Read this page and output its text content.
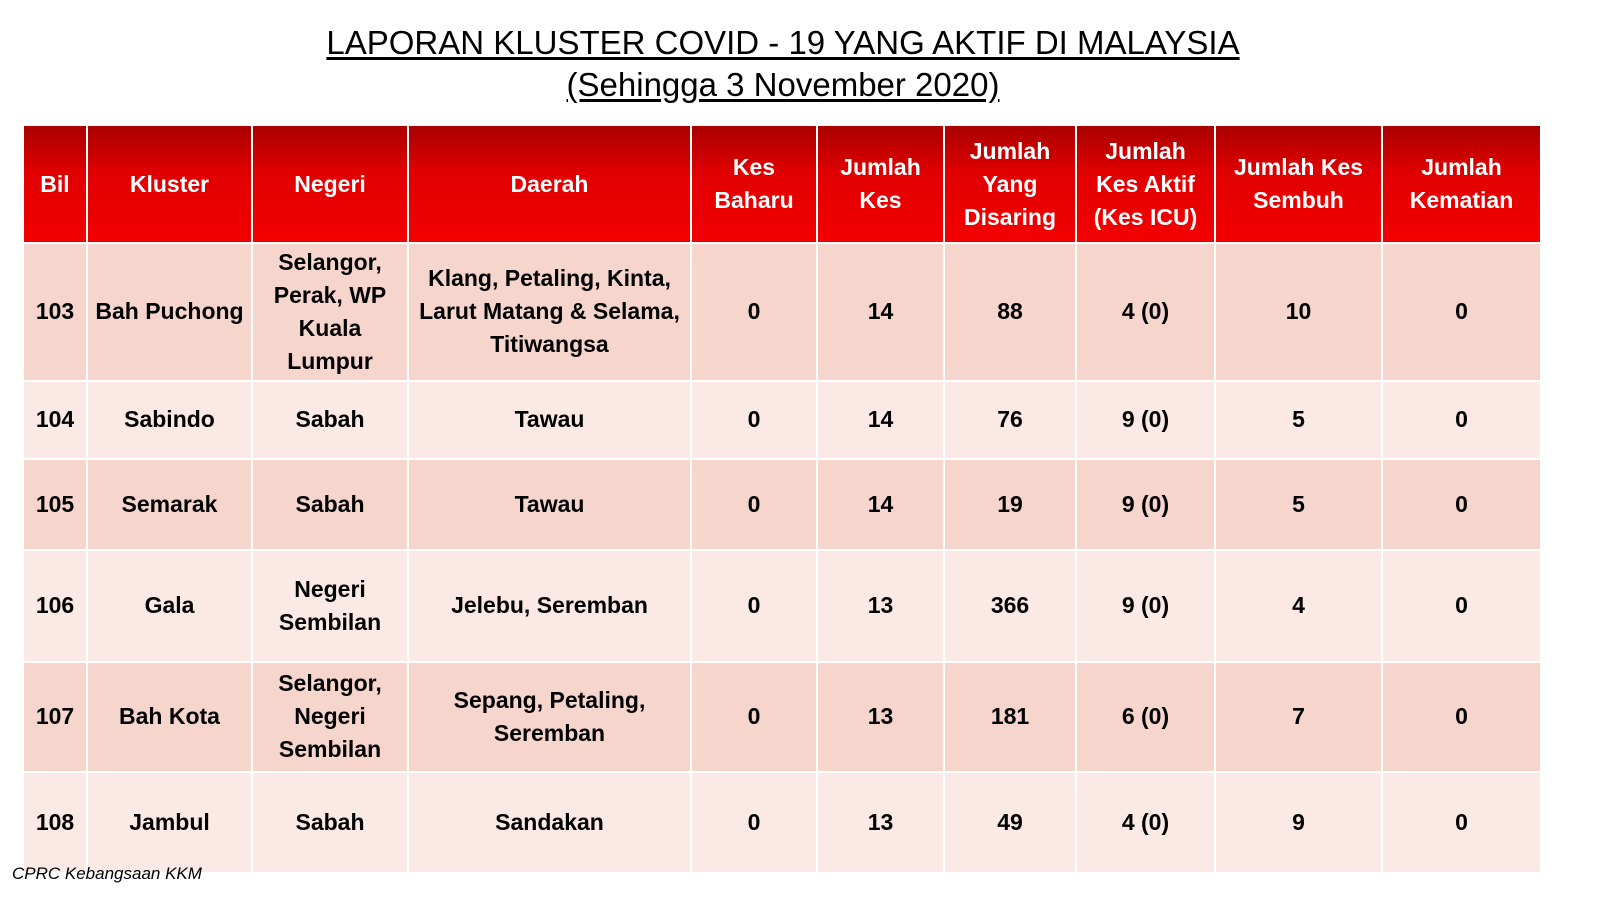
LAPORAN KLUSTER COVID - 19 YANG AKTIF DI MALAYSIA
(Sehingga 3 November 2020)
Bil	Kluster	Negeri	Daerah	Kes Baharu	Jumlah Kes	Jumlah Yang Disaring	Jumlah Kes Aktif (Kes ICU)	Jumlah Kes Sembuh	Jumlah Kematian
103	Bah Puchong	Selangor, Perak, WP Kuala Lumpur	Klang, Petaling, Kinta, Larut Matang & Selama, Titiwangsa	0	14	88	4 (0)	10	0
104	Sabindo	Sabah	Tawau	0	14	76	9 (0)	5	0
105	Semarak	Sabah	Tawau	0	14	19	9 (0)	5	0
106	Gala	Negeri Sembilan	Jelebu, Seremban	0	13	366	9 (0)	4	0
107	Bah Kota	Selangor, Negeri Sembilan	Sepang, Petaling, Seremban	0	13	181	6 (0)	7	0
108	Jambul	Sabah	Sandakan	0	13	49	4 (0)	9	0
CPRC Kebangsaan KKM
